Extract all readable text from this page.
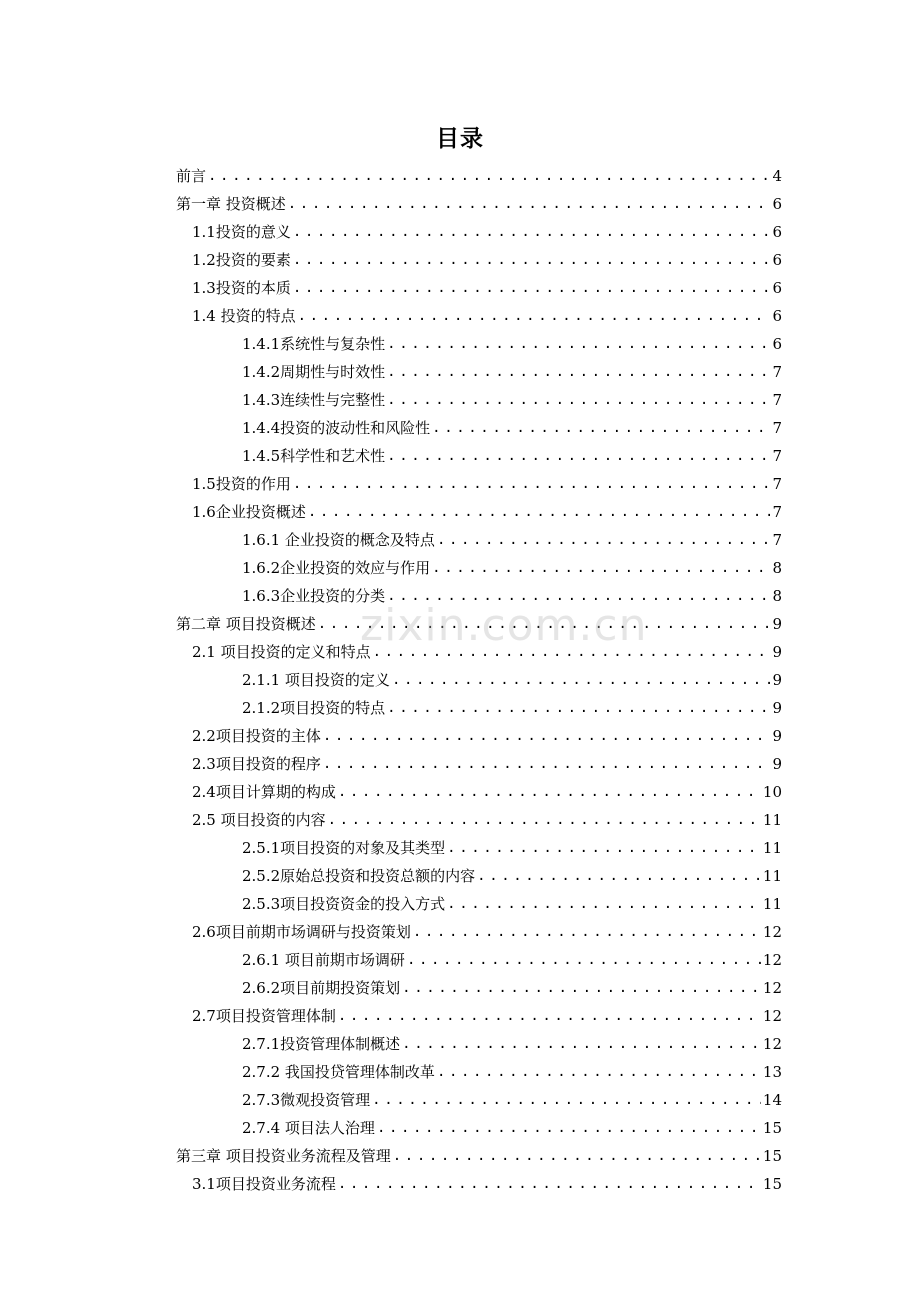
目录
前言 .....	4
第一章 投资概述 .....	6
1.1投资的意义 .....	6
1.2投资的要素 .....	6
1.3投资的本质 .....	6
1.4 投资的特点 .....	6
1.4.1系统性与复杂性 .....	6
1.4.2周期性与时效性 .....	7
1.4.3连续性与完整性 .....	7
1.4.4投资的波动性和风险性 .....	7
1.4.5科学性和艺术性 .....	7
1.5投资的作用 .....	7
1.6企业投资概述 .....	7
1.6.1 企业投资的概念及特点 .....	7
1.6.2企业投资的效应与作用 .....	8
1.6.3企业投资的分类 .....	8
第二章 项目投资概述 .....	9
2.1 项目投资的定义和特点 .....	9
2.1.1 项目投资的定义 .....	9
2.1.2项目投资的特点 .....	9
2.2项目投资的主体 .....	9
2.3项目投资的程序 .....	9
2.4项目计算期的构成 .....	10
2.5 项目投资的内容 .....	11
2.5.1项目投资的对象及其类型 .....	11
2.5.2原始总投资和投资总额的内容 .....	11
2.5.3项目投资资金的投入方式 .....	11
2.6项目前期市场调研与投资策划 .....	12
2.6.1 项目前期市场调研 .....	12
2.6.2项目前期投资策划 .....	12
2.7项目投资管理体制 .....	12
2.7.1投资管理体制概述 .....	12
2.7.2 我国投贷管理体制改革 .....	13
2.7.3微观投资管理 .....	14
2.7.4 项目法人治理 .....	15
第三章 项目投资业务流程及管理 .....	15
3.1项目投资业务流程 .....	15
zixin.com.cn
